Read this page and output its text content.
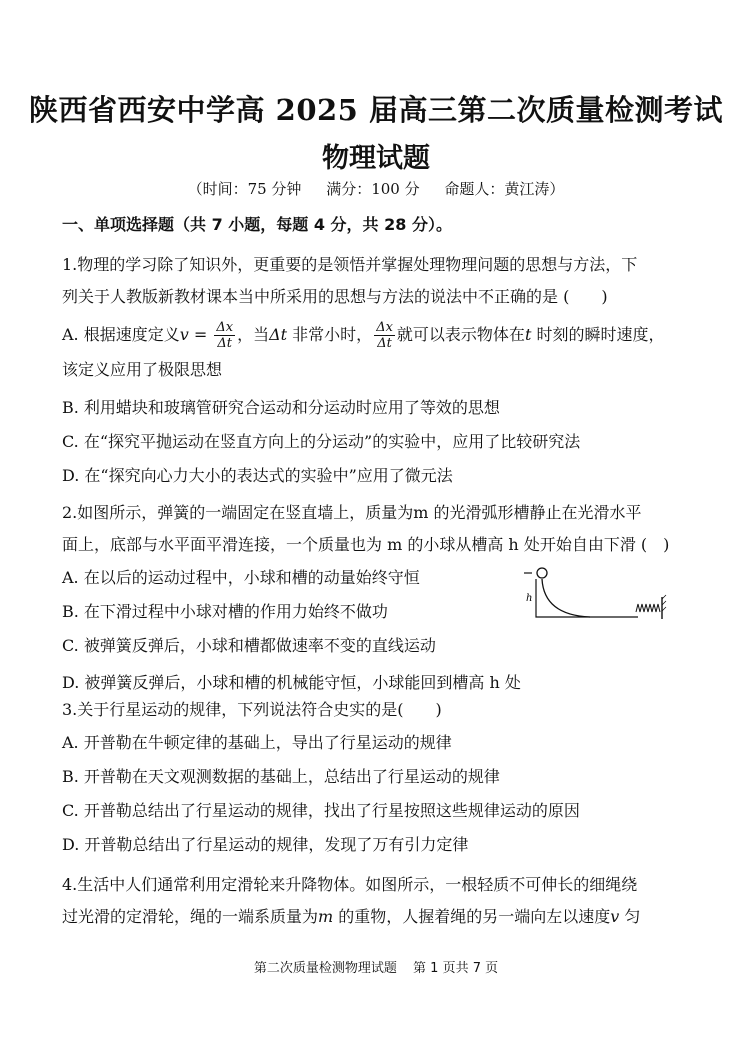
陕西省西安中学高 2025 届高三第二次质量检测考试
物理试题
（时间：75 分钟 满分：100 分 命题人：黄江涛）
一、单项选择题（共 7 小题，每题 4 分，共 28 分）。
1.物理的学习除了知识外，更重要的是领悟并掌握处理物理问题的思想与方法，下
列关于人教版新教材课本当中所采用的思想与方法的说法中不正确的是 (　　)
A. 根据速度定义$v = \frac{\Delta x}{\Delta t}$ ，当Δt 非常小时， $\frac{\Delta x}{\Delta t}$ 就可以表示物体在t 时刻的瞬时速度，
该定义应用了极限思想
B. 利用蜡块和玻璃管研究合运动和分运动时应用了等效的思想
C. 在“探究平抛运动在竖直方向上的分运动”的实验中，应用了比较研究法
D. 在“探究向心力大小的表达式的实验中”应用了微元法
2.如图所示，弹簧的一端固定在竖直墙上，质量为m 的光滑弧形槽静止在光滑水平
面上，底部与水平面平滑连接，一个质量也为 m 的小球从槽高 h 处开始自由下滑 (　)
A. 在以后的运动过程中，小球和槽的动量始终守恒
B. 在下滑过程中小球对槽的作用力始终不做功
C. 被弹簧反弹后，小球和槽都做速率不变的直线运动
D. 被弹簧反弹后，小球和槽的机械能守恒，小球能回到槽高 h 处
h
3.关于行星运动的规律，下列说法符合史实的是(　　)
A. 开普勒在牛顿定律的基础上，导出了行星运动的规律
B. 开普勒在天文观测数据的基础上，总结出了行星运动的规律
C. 开普勒总结出了行星运动的规律，找出了行星按照这些规律运动的原因
D. 开普勒总结出了行星运动的规律，发现了万有引力定律
4.生活中人们通常利用定滑轮来升降物体。如图所示，一根轻质不可伸长的细绳绕
过光滑的定滑轮，绳的一端系质量为m 的重物，人握着绳的另一端向左以速度v 匀
第二次质量检测物理试题 第 1 页共 7 页
